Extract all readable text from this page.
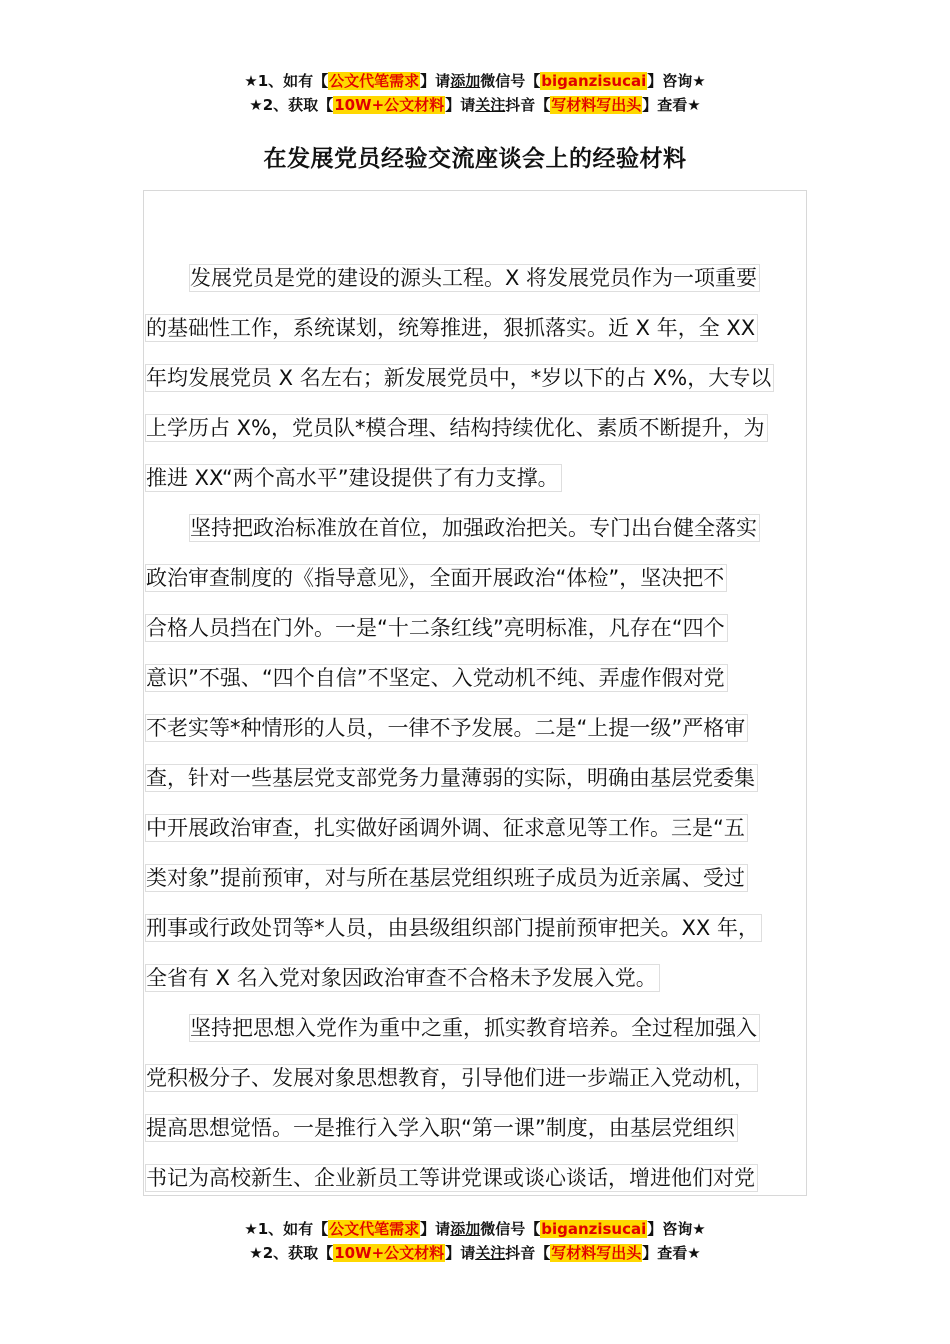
★1、如有【公文代笔需求】请添加微信号【biganzisucai】咨询★
★2、获取【10W+公文材料】请关注抖音【写材料写出头】查看★
在发展党员经验交流座谈会上的经验材料
发展党员是党的建设的源头工程。X 将发展党员作为一项重要
的基础性工作，系统谋划，统筹推进，狠抓落实。近 X 年，全 XX
年均发展党员 X 名左右；新发展党员中，*岁以下的占 X%，大专以
上学历占 X%，党员队*模合理、结构持续优化、素质不断提升，为
推进 XX“两个高水平”建设提供了有力支撑。
坚持把政治标准放在首位，加强政治把关。专门出台健全落实
政治审查制度的《指导意见》，全面开展政治“体检”，坚决把不
合格人员挡在门外。一是“十二条红线”亮明标准，凡存在“四个
意识”不强、“四个自信”不坚定、入党动机不纯、弄虚作假对党
不老实等*种情形的人员，一律不予发展。二是“上提一级”严格审
查，针对一些基层党支部党务力量薄弱的实际，明确由基层党委集
中开展政治审查，扎实做好函调外调、征求意见等工作。三是“五
类对象”提前预审，对与所在基层党组织班子成员为近亲属、受过
刑事或行政处罚等*人员，由县级组织部门提前预审把关。XX 年，
全省有 X 名入党对象因政治审查不合格未予发展入党。
坚持把思想入党作为重中之重，抓实教育培养。全过程加强入
党积极分子、发展对象思想教育，引导他们进一步端正入党动机，
提高思想觉悟。一是推行入学入职“第一课”制度，由基层党组织
书记为高校新生、企业新员工等讲党课或谈心谈话，增进他们对党
★1、如有【公文代笔需求】请添加微信号【biganzisucai】咨询★
★2、获取【10W+公文材料】请关注抖音【写材料写出头】查看★
